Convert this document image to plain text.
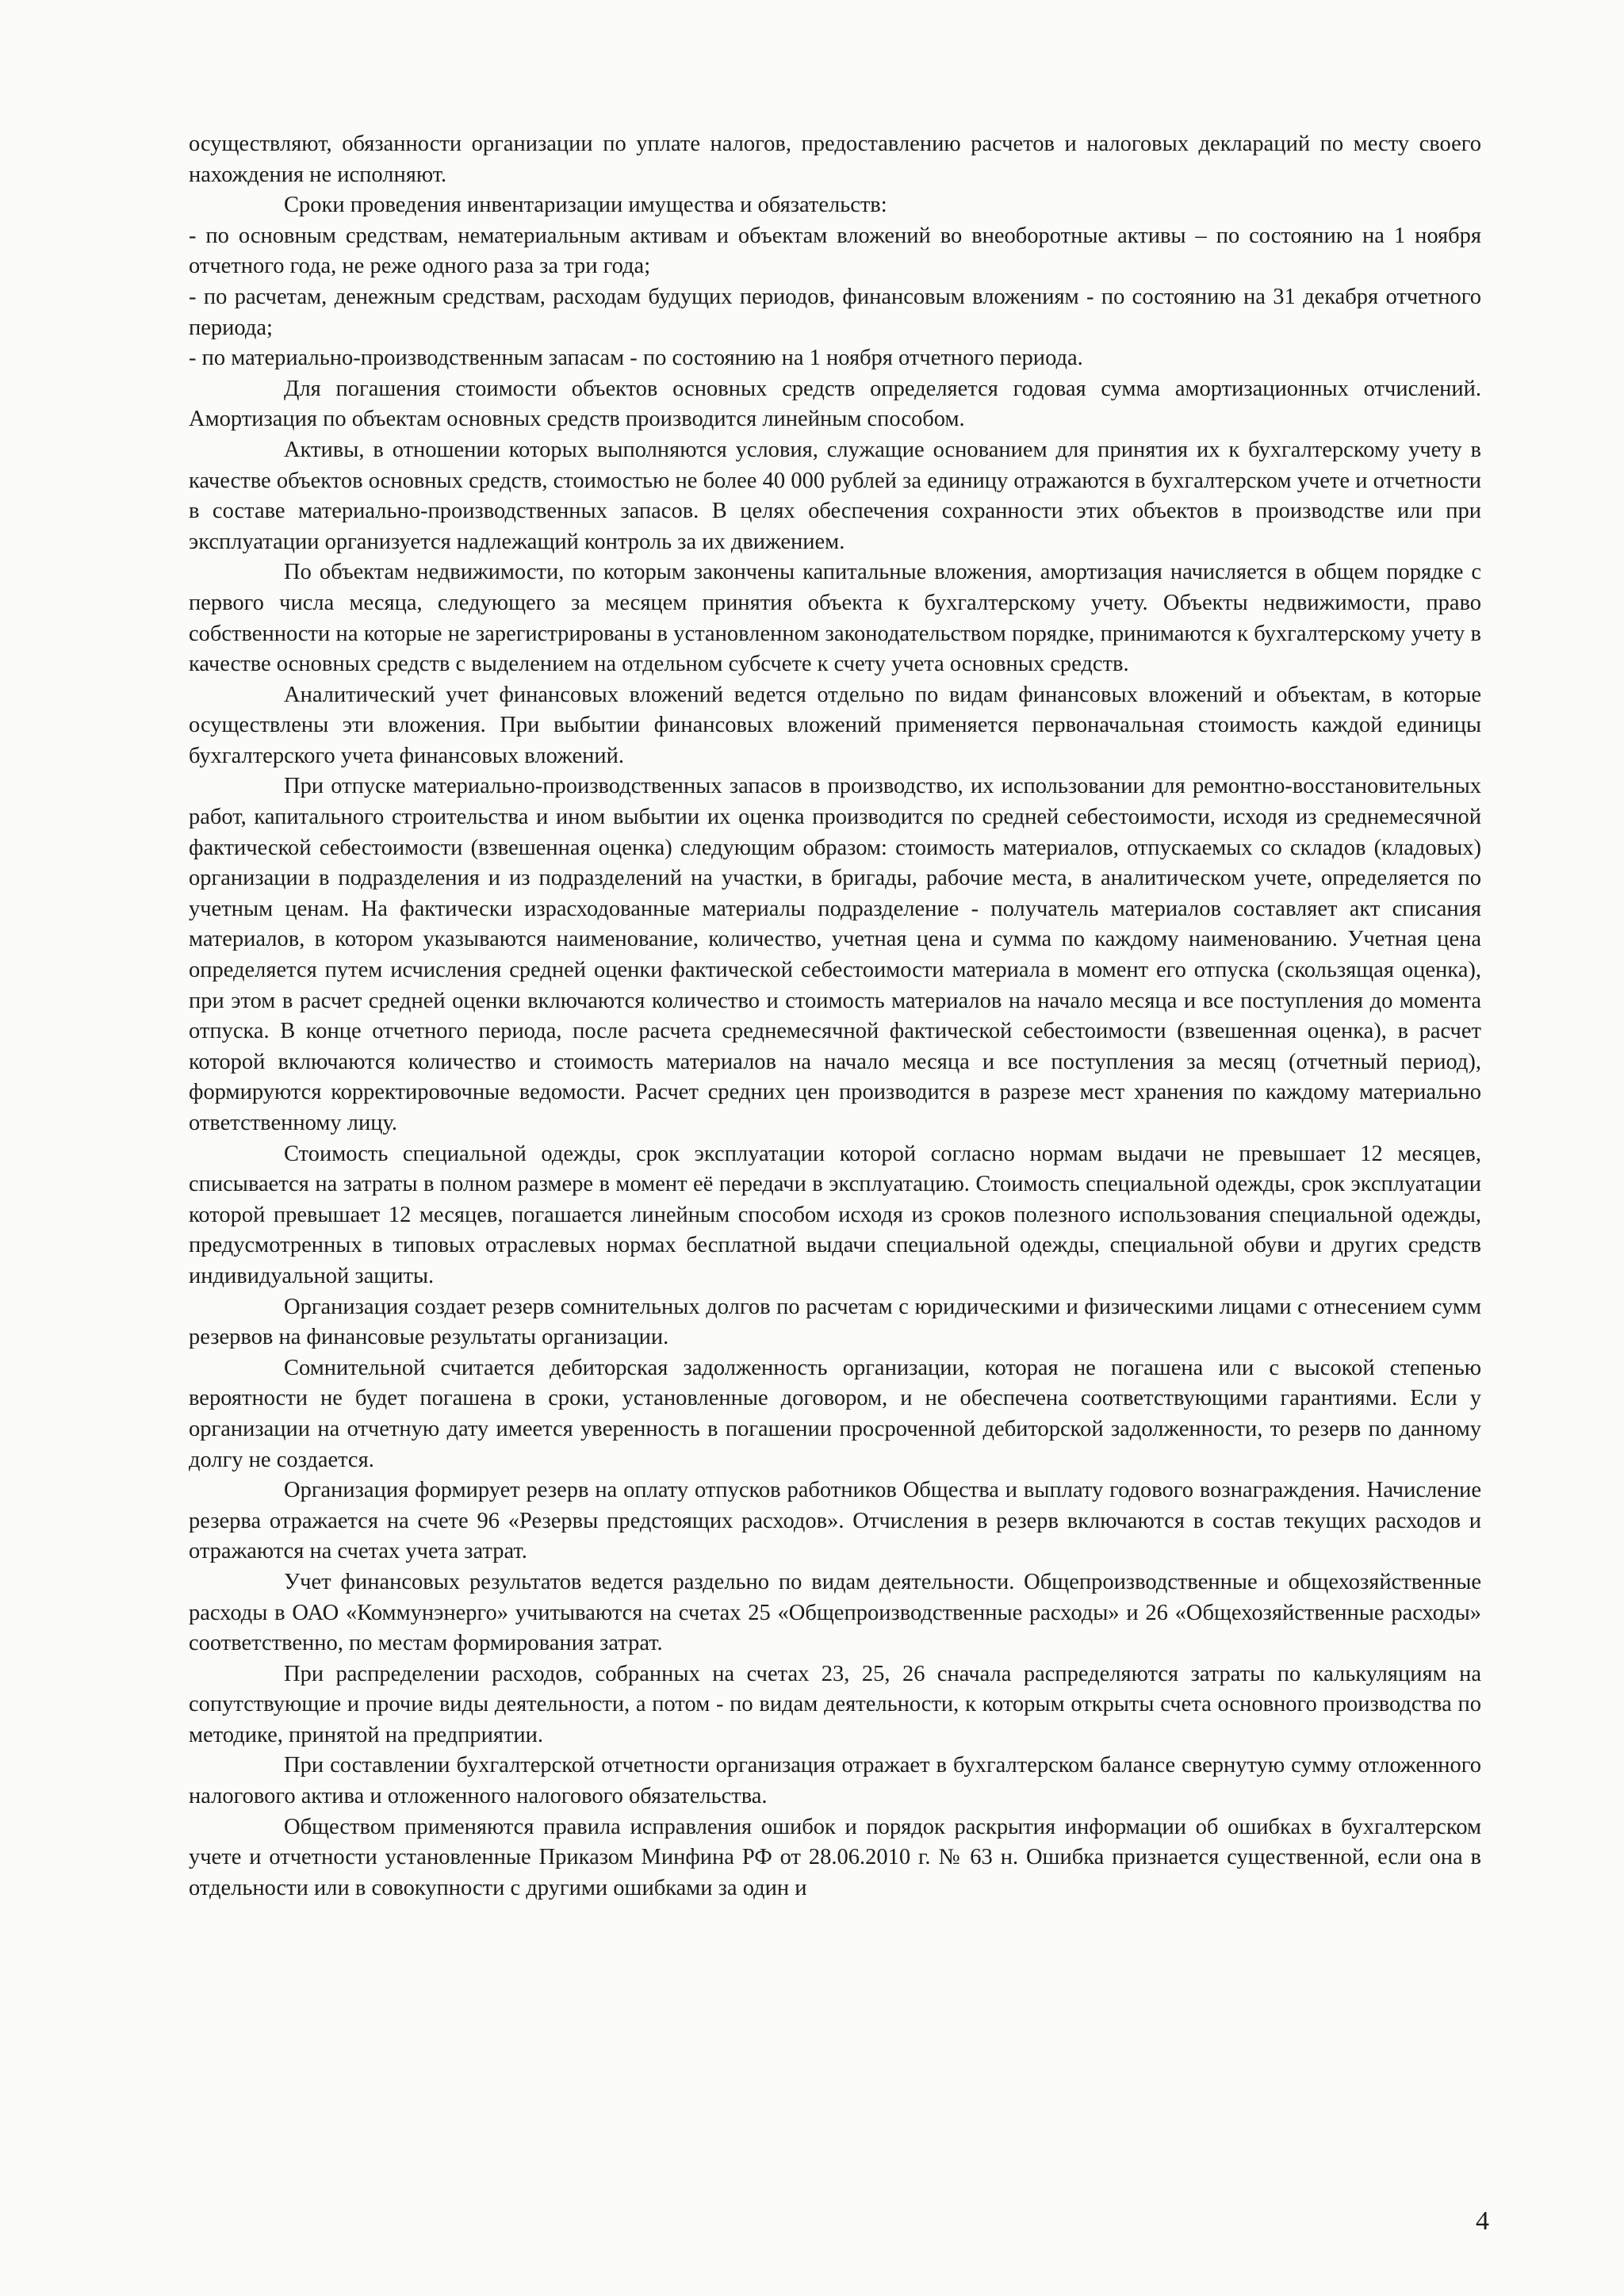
осуществляют, обязанности организации по уплате налогов, предоставлению расчетов и налоговых деклараций по месту своего нахождения не исполняют.

Сроки проведения инвентаризации имущества и обязательств:

- по основным средствам, нематериальным активам и объектам вложений во внеоборотные активы – по состоянию на 1 ноября отчетного года, не реже одного раза за три года;

- по расчетам, денежным средствам, расходам будущих периодов, финансовым вложениям - по состоянию на 31 декабря отчетного периода;

- по материально-производственным запасам - по состоянию на 1 ноября отчетного периода.

Для погашения стоимости объектов основных средств определяется годовая сумма амортизационных отчислений. Амортизация по объектам основных средств производится линейным способом.

Активы, в отношении которых выполняются условия, служащие основанием для принятия их к бухгалтерскому учету в качестве объектов основных средств, стоимостью не более 40 000 рублей за единицу отражаются в бухгалтерском учете и отчетности в составе материально-производственных запасов. В целях обеспечения сохранности этих объектов в производстве или при эксплуатации организуется надлежащий контроль за их движением.

По объектам недвижимости, по которым закончены капитальные вложения, амортизация начисляется в общем порядке с первого числа месяца, следующего за месяцем принятия объекта к бухгалтерскому учету. Объекты недвижимости, право собственности на которые не зарегистрированы в установленном законодательством порядке, принимаются к бухгалтерскому учету в качестве основных средств с выделением на отдельном субсчете к счету учета основных средств.

Аналитический учет финансовых вложений ведется отдельно по видам финансовых вложений и объектам, в которые осуществлены эти вложения. При выбытии финансовых вложений применяется первоначальная стоимость каждой единицы бухгалтерского учета финансовых вложений.

При отпуске материально-производственных запасов в производство, их использовании для ремонтно-восстановительных работ, капитального строительства и ином выбытии их оценка производится по средней себестоимости, исходя из среднемесячной фактической себестоимости (взвешенная оценка) следующим образом: стоимость материалов, отпускаемых со складов (кладовых) организации в подразделения и из подразделений на участки, в бригады, рабочие места, в аналитическом учете, определяется по учетным ценам. На фактически израсходованные материалы подразделение - получатель материалов составляет акт списания материалов, в котором указываются наименование, количество, учетная цена и сумма по каждому наименованию. Учетная цена определяется путем исчисления средней оценки фактической себестоимости материала в момент его отпуска (скользящая оценка), при этом в расчет средней оценки включаются количество и стоимость материалов на начало месяца и все поступления до момента отпуска. В конце отчетного периода, после расчета среднемесячной фактической себестоимости (взвешенная оценка), в расчет которой включаются количество и стоимость материалов на начало месяца и все поступления за месяц (отчетный период), формируются корректировочные ведомости. Расчет средних цен производится в разрезе мест хранения по каждому материально ответственному лицу.

Стоимость специальной одежды, срок эксплуатации которой согласно нормам выдачи не превышает 12 месяцев, списывается на затраты в полном размере в момент её передачи в эксплуатацию. Стоимость специальной одежды, срок эксплуатации которой превышает 12 месяцев, погашается линейным способом исходя из сроков полезного использования специальной одежды, предусмотренных в типовых отраслевых нормах бесплатной выдачи специальной одежды, специальной обуви и других средств индивидуальной защиты.

Организация создает резерв сомнительных долгов по расчетам с юридическими и физическими лицами с отнесением сумм резервов на финансовые результаты организации.

Сомнительной считается дебиторская задолженность организации, которая не погашена или с высокой степенью вероятности не будет погашена в сроки, установленные договором, и не обеспечена соответствующими гарантиями. Если у организации на отчетную дату имеется уверенность в погашении просроченной дебиторской задолженности, то резерв по данному долгу не создается.

Организация формирует резерв на оплату отпусков работников Общества и выплату годового вознаграждения. Начисление резерва отражается на счете 96 «Резервы предстоящих расходов». Отчисления в резерв включаются в состав текущих расходов и отражаются на счетах учета затрат.

Учет финансовых результатов ведется раздельно по видам деятельности. Общепроизводственные и общехозяйственные расходы в ОАО «Коммунэнерго» учитываются на счетах 25 «Общепроизводственные расходы» и 26 «Общехозяйственные расходы» соответственно, по местам формирования затрат.

При распределении расходов, собранных на счетах 23, 25, 26 сначала распределяются затраты по калькуляциям на сопутствующие и прочие виды деятельности, а потом - по видам деятельности, к которым открыты счета основного производства по методике, принятой на предприятии.

При составлении бухгалтерской отчетности организация отражает в бухгалтерском балансе свернутую сумму отложенного налогового актива и отложенного налогового обязательства.

Обществом применяются правила исправления ошибок и порядок раскрытия информации об ошибках в бухгалтерском учете и отчетности установленные Приказом Минфина РФ от 28.06.2010 г. № 63 н. Ошибка признается существенной, если она в отдельности или в совокупности с другими ошибками за один и

4
